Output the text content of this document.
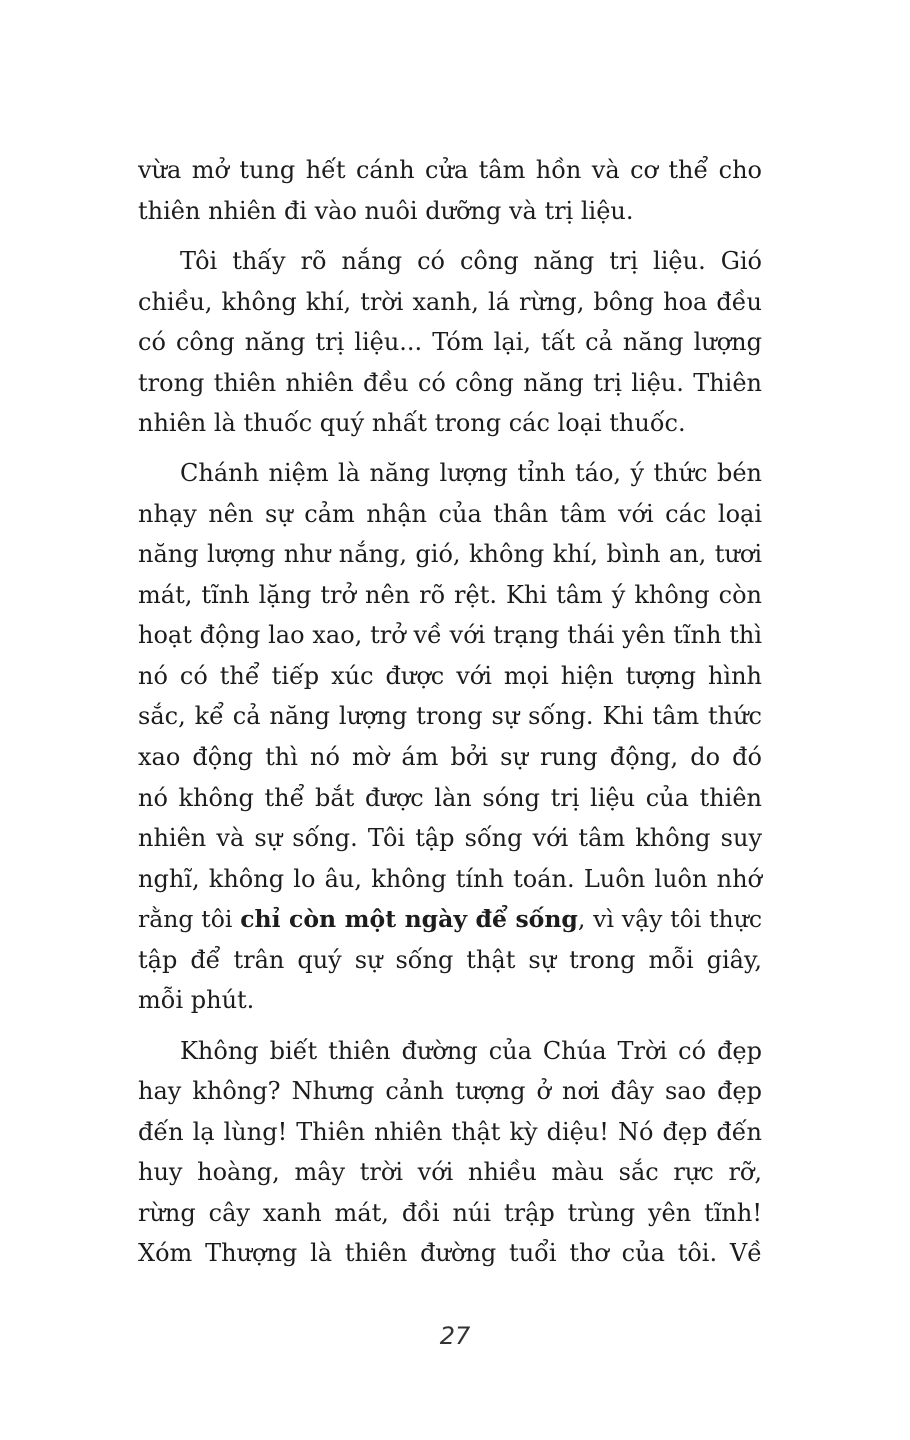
vừa mở tung hết cánh cửa tâm hồn và cơ thể cho

thiên nhiên đi vào nuôi dưỡng và trị liệu.

Tôi thấy rõ nắng có công năng trị liệu. Gió

chiều, không khí, trời xanh, lá rừng, bông hoa đều

có công năng trị liệu... Tóm lại, tất cả năng lượng

trong thiên nhiên đều có công năng trị liệu. Thiên

nhiên là thuốc quý nhất trong các loại thuốc.

Chánh niệm là năng lượng tỉnh táo, ý thức bén

nhạy nên sự cảm nhận của thân tâm với các loại

năng lượng như nắng, gió, không khí, bình an, tươi

mát, tĩnh lặng trở nên rõ rệt. Khi tâm ý không còn

hoạt động lao xao, trở về với trạng thái yên tĩnh thì

nó có thể tiếp xúc được với mọi hiện tượng hình

sắc, kể cả năng lượng trong sự sống. Khi tâm thức

xao động thì nó mờ ám bởi sự rung động, do đó

nó không thể bắt được làn sóng trị liệu của thiên

nhiên và sự sống. Tôi tập sống với tâm không suy

nghĩ, không lo âu, không tính toán. Luôn luôn nhớ

rằng tôi chỉ còn một ngày để sống, vì vậy tôi thực

tập để trân quý sự sống thật sự trong mỗi giây,

mỗi phút.

Không biết thiên đường của Chúa Trời có đẹp

hay không? Nhưng cảnh tượng ở nơi đây sao đẹp

đến lạ lùng! Thiên nhiên thật kỳ diệu! Nó đẹp đến

huy hoàng, mây trời với nhiều màu sắc rực rỡ,

rừng cây xanh mát, đồi núi trập trùng yên tĩnh!

Xóm Thượng là thiên đường tuổi thơ của tôi. Về

27
